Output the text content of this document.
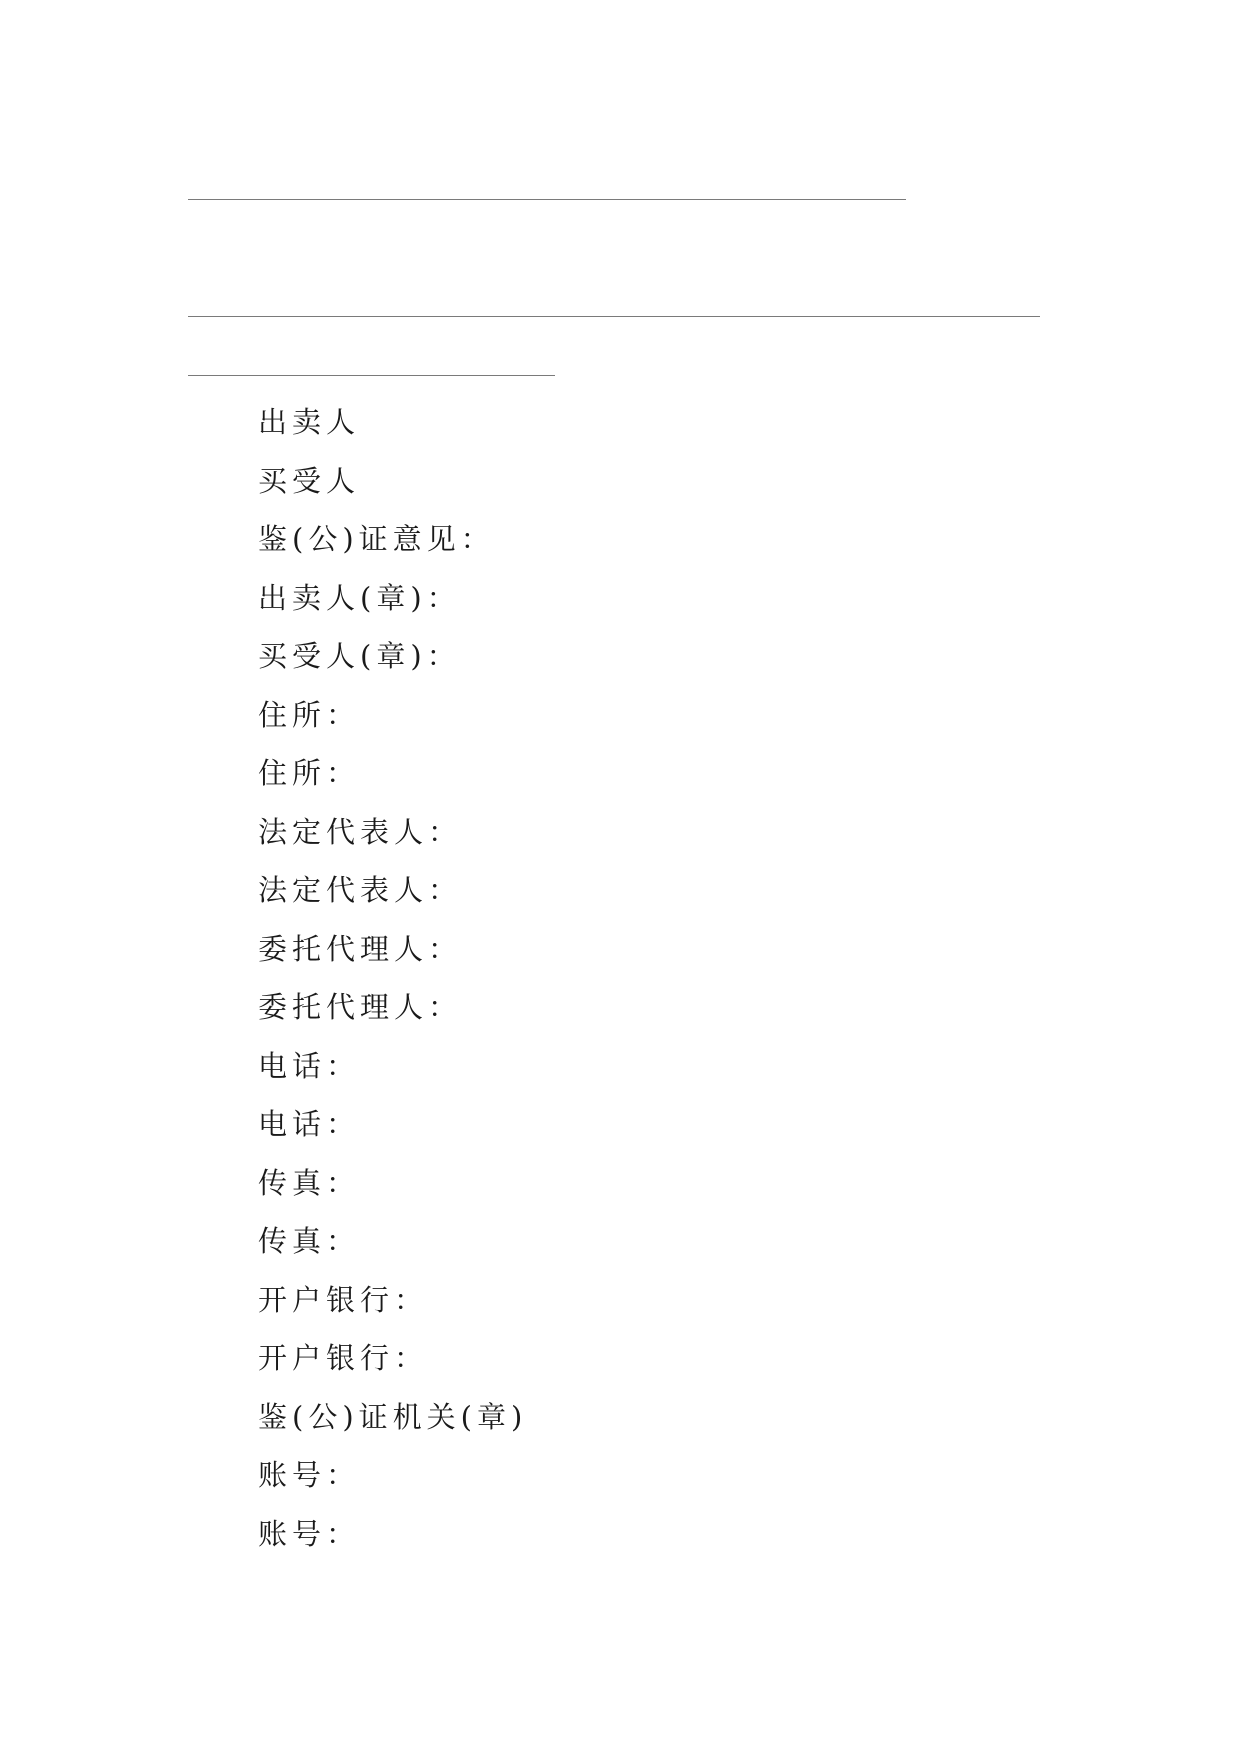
出卖人
买受人
鉴(公)证意见：
出卖人(章)：
买受人(章)：
住所：
住所：
法定代表人：
法定代表人：
委托代理人：
委托代理人：
电话：
电话：
传真：
传真：
开户银行：
开户银行：
鉴(公)证机关(章)
账号：
账号：
